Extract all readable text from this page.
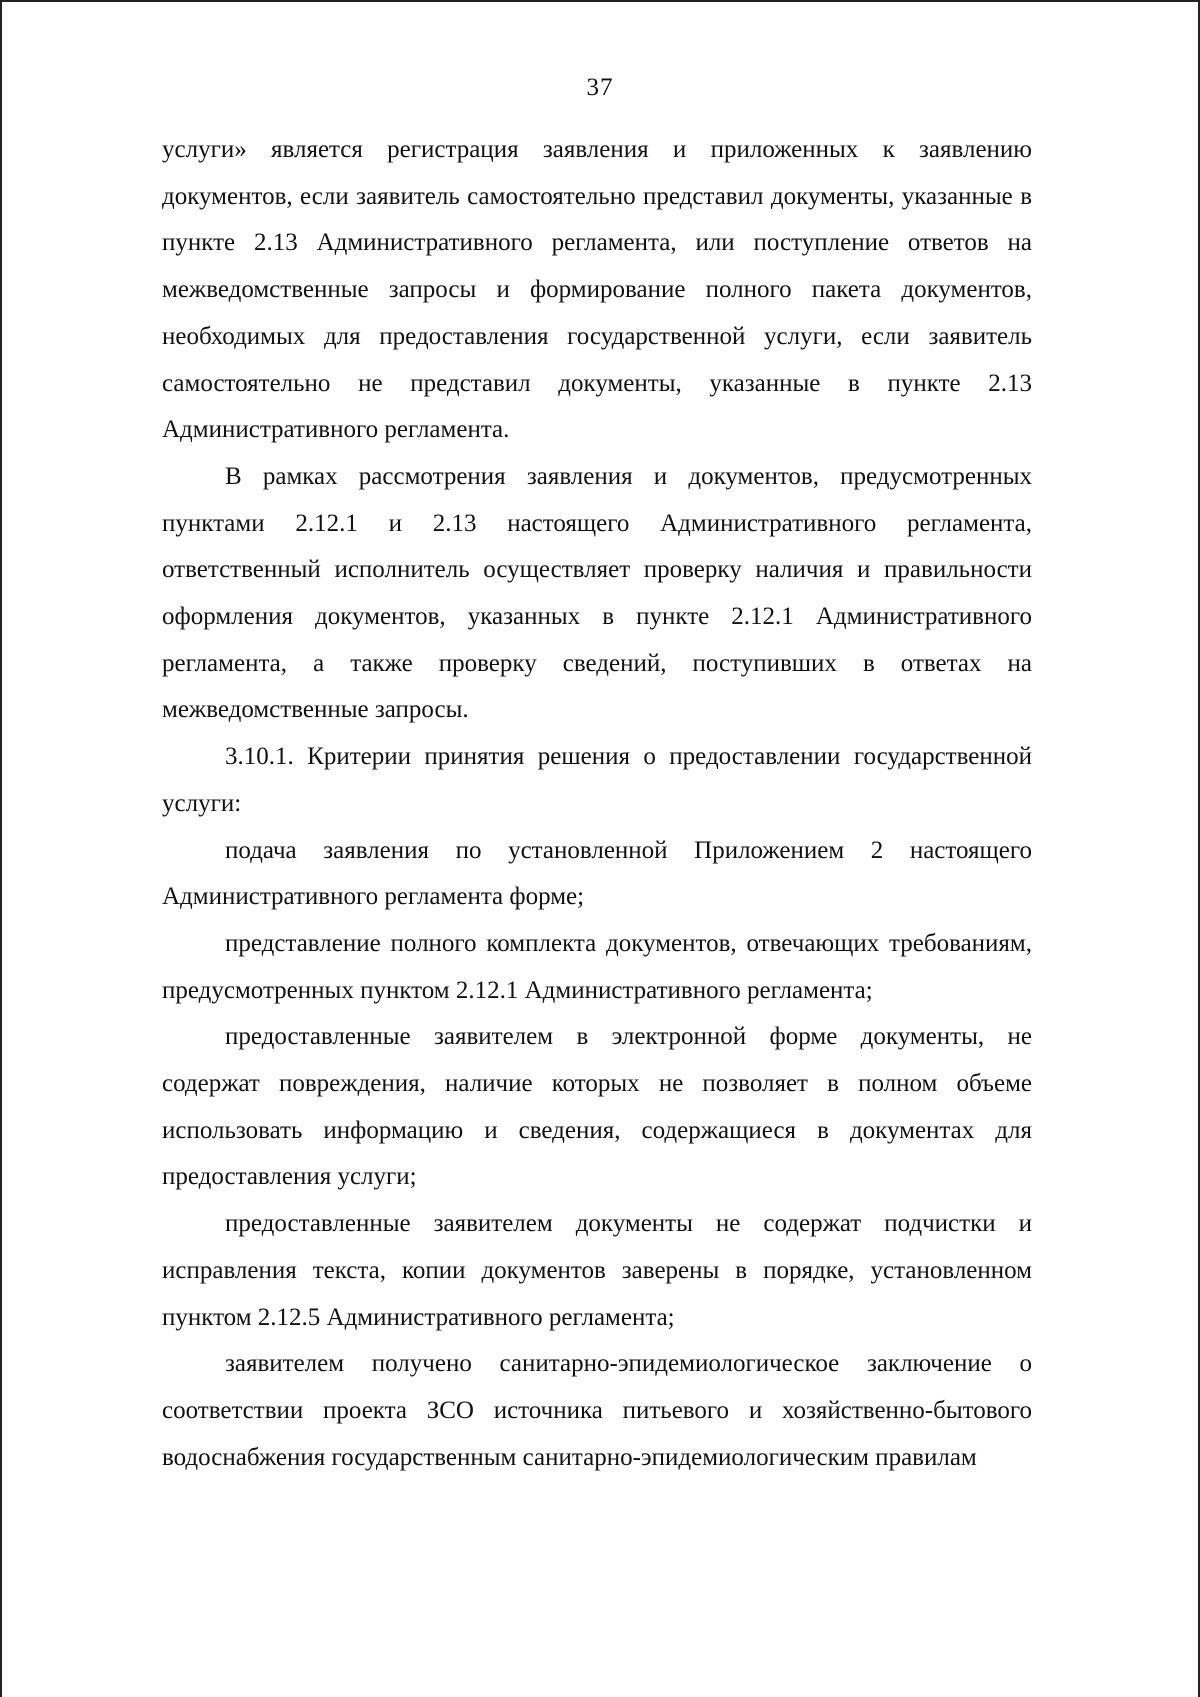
37

услуги» является регистрация заявления и приложенных к заявлению документов, если заявитель самостоятельно представил документы, указанные в пункте 2.13 Административного регламента, или поступление ответов на межведомственные запросы и формирование полного пакета документов, необходимых для предоставления государственной услуги, если заявитель самостоятельно не представил документы, указанные в пункте 2.13 Административного регламента.

В рамках рассмотрения заявления и документов, предусмотренных пунктами 2.12.1 и 2.13 настоящего Административного регламента, ответственный исполнитель осуществляет проверку наличия и правильности оформления документов, указанных в пункте 2.12.1 Административного регламента, а также проверку сведений, поступивших в ответах на межведомственные запросы.

3.10.1. Критерии принятия решения о предоставлении государственной услуги:

подача заявления по установленной Приложением 2 настоящего Административного регламента форме;

представление полного комплекта документов, отвечающих требованиям, предусмотренных пунктом 2.12.1 Административного регламента;

предоставленные заявителем в электронной форме документы, не содержат повреждения, наличие которых не позволяет в полном объеме использовать информацию и сведения, содержащиеся в документах для предоставления услуги;

предоставленные заявителем документы не содержат подчистки и исправления текста, копии документов заверены в порядке, установленном пунктом 2.12.5 Административного регламента;

заявителем получено санитарно-эпидемиологическое заключение о соответствии проекта ЗСО источника питьевого и хозяйственно-бытового водоснабжения государственным санитарно-эпидемиологическим правилам
